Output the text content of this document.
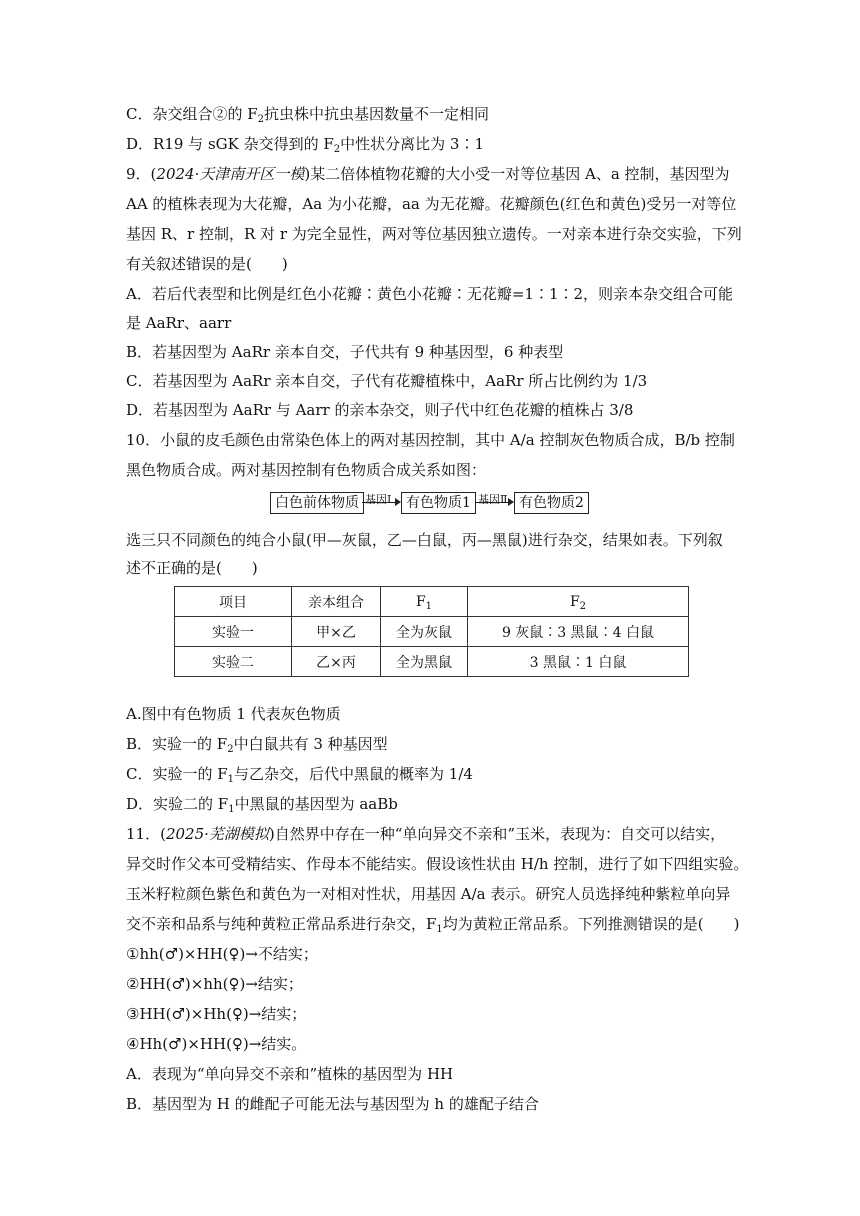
C．杂交组合②的 $F_2$抗虫株中抗虫基因数量不一定相同
D．R19 与 sGK 杂交得到的 $F_2$中性状分离比为 3∶1
9．(2024·天津南开区一模)某二倍体植物花瓣的大小受一对等位基因 A、a 控制，基因型为
AA 的植株表现为大花瓣，Aa 为小花瓣，aa 为无花瓣。花瓣颜色(红色和黄色)受另一对等位
基因 R、r 控制，R 对 r 为完全显性，两对等位基因独立遗传。一对亲本进行杂交实验，下列
有关叙述错误的是(　　)
A．若后代表型和比例是红色小花瓣∶黄色小花瓣∶无花瓣=1∶1∶2，则亲本杂交组合可能
是 AaRr、aarr
B．若基因型为 AaRr 亲本自交，子代共有 9 种基因型，6 种表型
C．若基因型为 AaRr 亲本自交，子代有花瓣植株中，AaRr 所占比例约为 1/3
D．若基因型为 AaRr 与 Aarr 的亲本杂交，则子代中红色花瓣的植株占 3/8
10．小鼠的皮毛颜色由常染色体上的两对基因控制，其中 A/a 控制灰色物质合成，B/b 控制
黑色物质合成。两对基因控制有色物质合成关系如图：
白色前体物质 基因Ⅰ	有色物质1 基因Ⅱ 有色物质2
选三只不同颜色的纯合小鼠(甲—灰鼠，乙—白鼠，丙—黑鼠)进行杂交，结果如表。下列叙
述不正确的是(　　)
项目	亲本组合	$F_1$	$F_2$
实验一	甲×乙	全为灰鼠	9 灰鼠∶3 黑鼠∶4 白鼠
实验二	乙×丙	全为黑鼠	3 黑鼠∶1 白鼠
A.图中有色物质 1 代表灰色物质
B．实验一的 $F_2$中白鼠共有 3 种基因型
C．实验一的 $F_1$与乙杂交，后代中黑鼠的概率为 1/4
D．实验二的 $F_1$中黑鼠的基因型为 aaBb
11．(2025·芜湖模拟)自然界中存在一种“单向异交不亲和”玉米，表现为：自交可以结实，
异交时作父本可受精结实、作母本不能结实。假设该性状由 H/h 控制，进行了如下四组实验。
玉米籽粒颜色紫色和黄色为一对相对性状，用基因 A/a 表示。研究人员选择纯种紫粒单向异
交不亲和品系与纯种黄粒正常品系进行杂交，$F_1$均为黄粒正常品系。下列推测错误的是(　　)
①hh(♂)×HH(♀)→不结实；
②HH(♂)×hh(♀)→结实；
③HH(♂)×Hh(♀)→结实；
④Hh(♂)×HH(♀)→结实。
A．表现为“单向异交不亲和”植株的基因型为 HH
B．基因型为 H 的雌配子可能无法与基因型为 h 的雄配子结合
